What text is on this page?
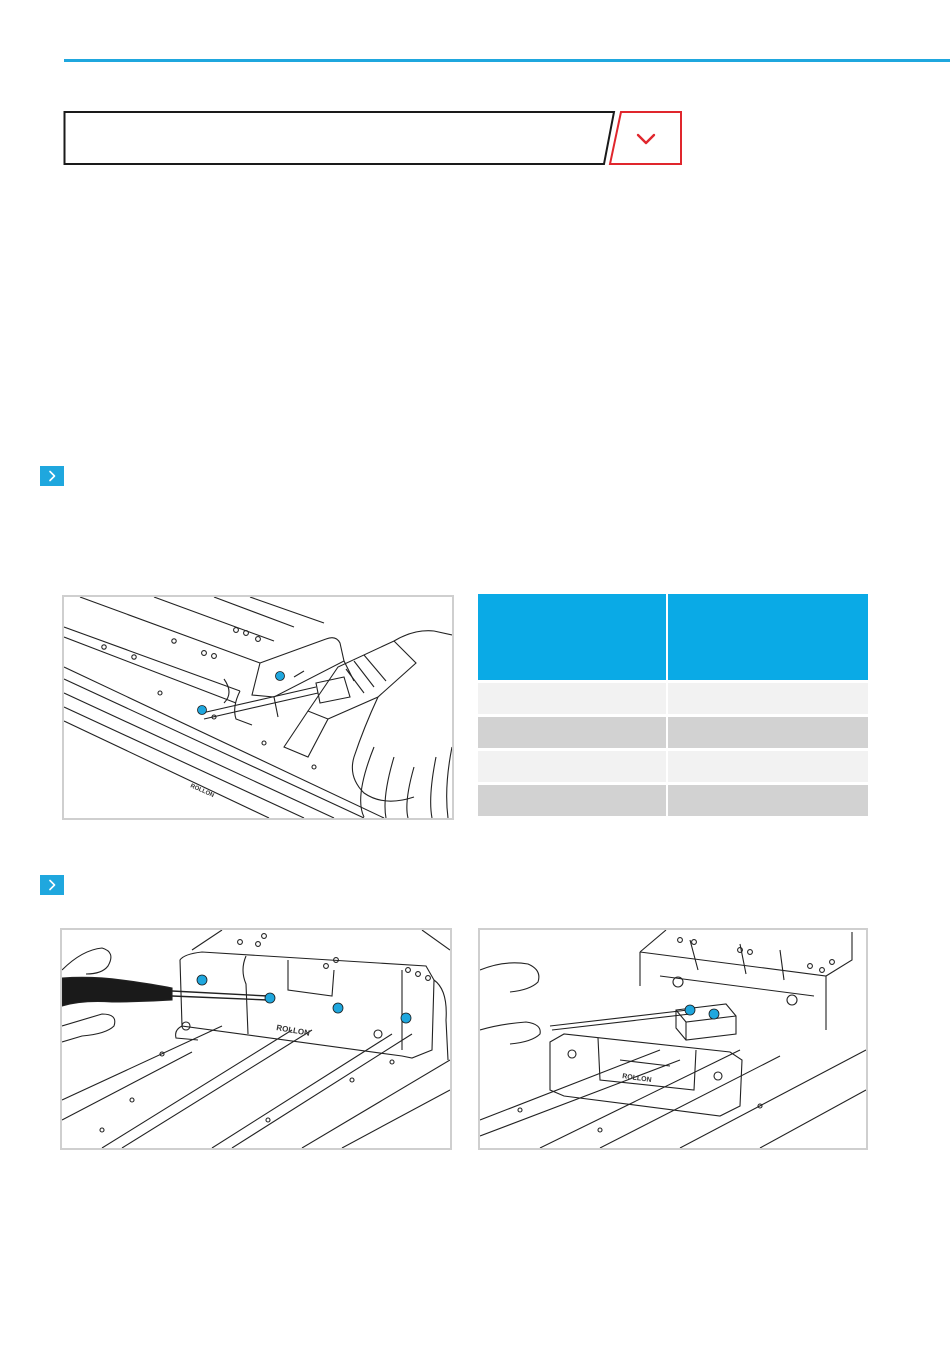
ROLLON
ROLLON
ROLLON
